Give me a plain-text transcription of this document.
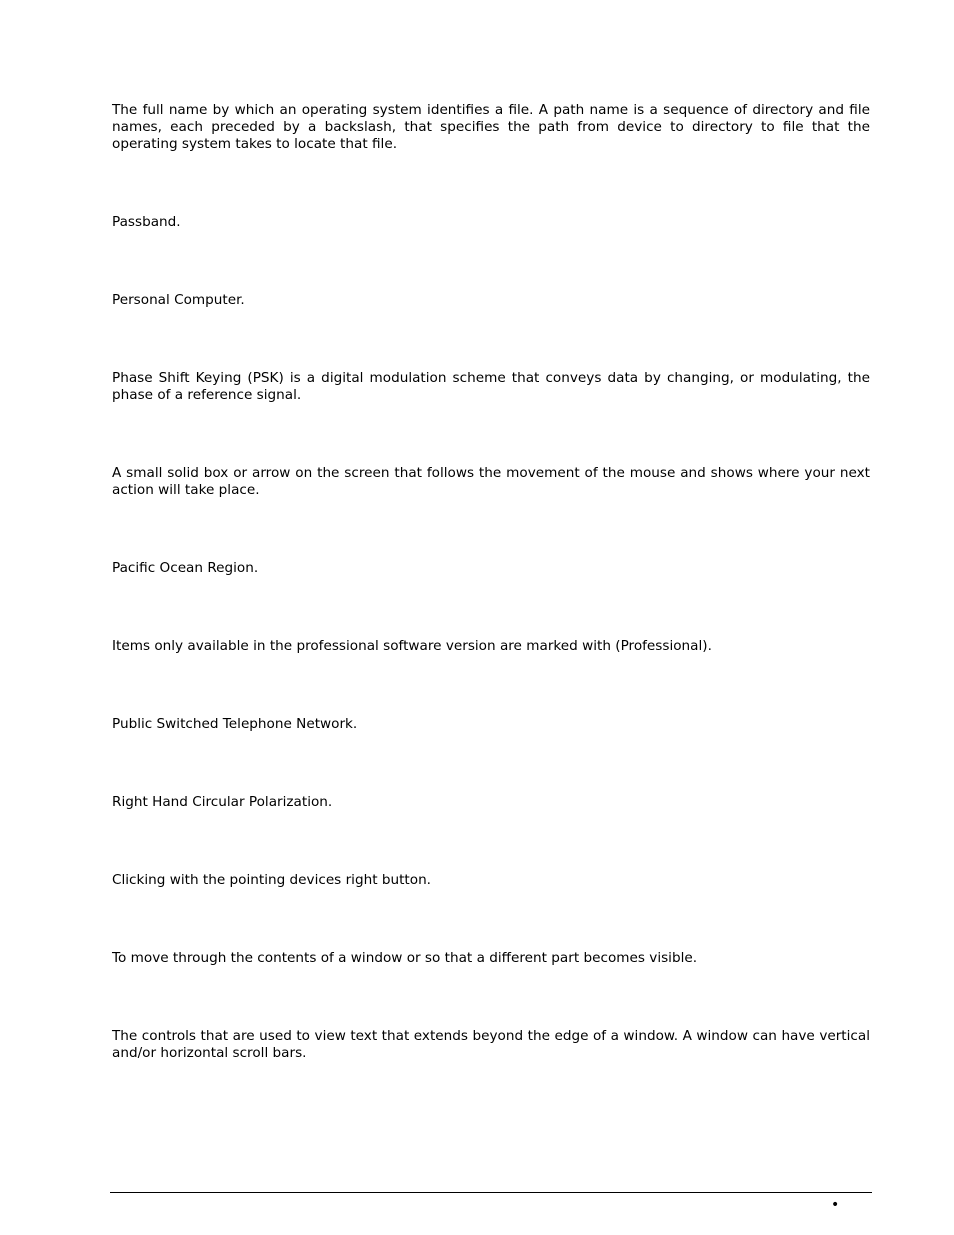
The full name by which an operating system identifies a file. A path name is a sequence of directory and file names, each preceded by a backslash, that specifies the path from device to directory to file that the operating system takes to locate that file.

Passband.

Personal Computer.

Phase Shift Keying (PSK) is a digital modulation scheme that conveys data by changing, or modulating, the phase of a reference signal.

A small solid box or arrow on the screen that follows the movement of the mouse and shows where your next action will take place.

Pacific Ocean Region.

Items only available in the professional software version are marked with (Professional).

Public Switched Telephone Network.

Right Hand Circular Polarization.

Clicking with the pointing devices right button.

To move through the contents of a window or so that a different part becomes visible.

The controls that are used to view text that extends beyond the edge of a window. A window can have vertical and/or horizontal scroll bars.

•
